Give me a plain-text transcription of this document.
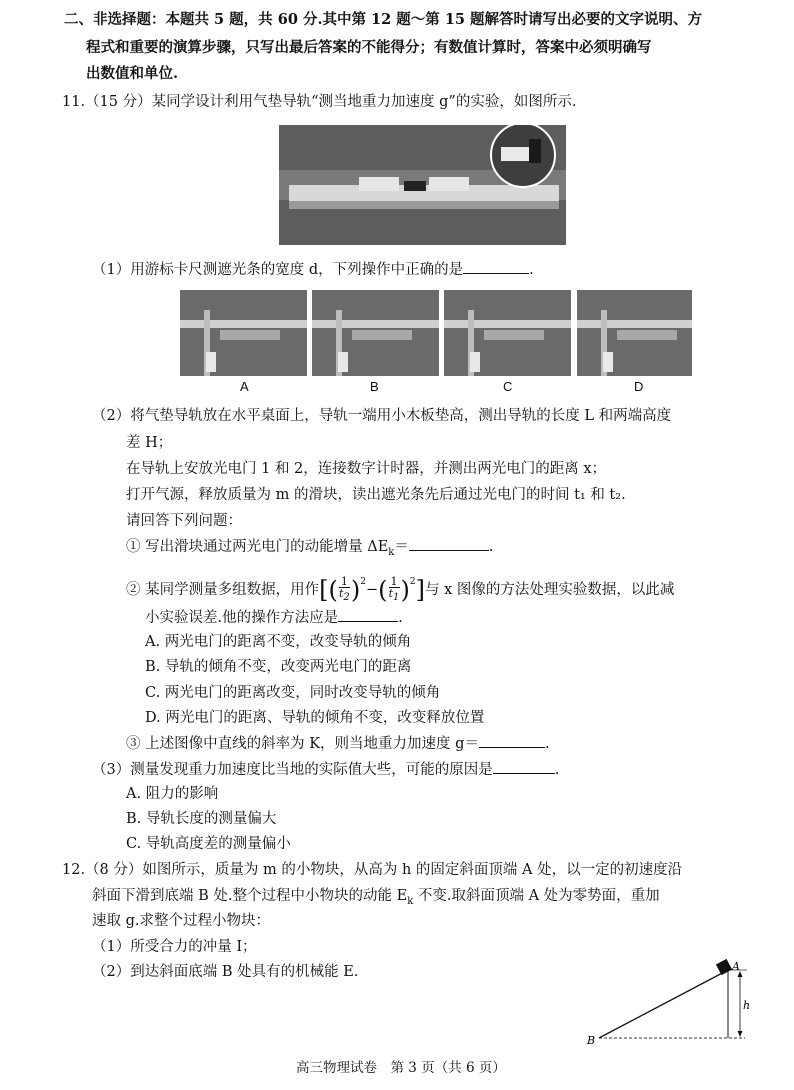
二、非选择题：本题共 5 题，共 60 分.其中第 12 题～第 15 题解答时请写出必要的文字说明、方
程式和重要的演算步骤，只写出最后答案的不能得分；有数值计算时，答案中必须明确写
出数值和单位.
11.（15 分）某同学设计利用气垫导轨“测当地重力加速度 g”的实验，如图所示.
（1）用游标卡尺测遮光条的宽度 d，下列操作中正确的是	.
A	B	C	D
（2）将气垫导轨放在水平桌面上，导轨一端用小木板垫高，测出导轨的长度 L 和两端高度
差 H；
在导轨上安放光电门 1 和 2，连接数字计时器，并测出两光电门的距离 x；
打开气源，释放质量为 m 的滑块，读出遮光条先后通过光电门的时间 t₁ 和 t₂.
请回答下列问题：
① 写出滑块通过两光电门的动能增量 $\Delta E_k=$	.
② 某同学测量多组数据，用作[( $\frac{1}{t_2} )^2-( \frac{1}{t_1} )^2$]与 x 图像的方法处理实验数据，以此减
小实验误差.他的操作方法应是	.
A. 两光电门的距离不变，改变导轨的倾角
B. 导轨的倾角不变，改变两光电门的距离
C. 两光电门的距离改变，同时改变导轨的倾角
D. 两光电门的距离、导轨的倾角不变，改变释放位置
③ 上述图像中直线的斜率为 K，则当地重力加速度 g＝	.
（3）测量发现重力加速度比当地的实际值大些，可能的原因是	.
A. 阻力的影响
B. 导轨长度的测量偏大
C. 导轨高度差的测量偏小
12.（8 分）如图所示，质量为 m 的小物块，从高为 h 的固定斜面顶端 A 处，以一定的初速度沿
斜面下滑到底端 B 处.整个过程中小物块的动能 $E_k$ 不变.取斜面顶端 A 处为零势面，重加
速取 g.求整个过程小物块：
（1）所受合力的冲量 I；
（2）到达斜面底端 B 处具有的机械能 E.	A
B
h
高三物理试卷　第 3 页（共 6 页）
